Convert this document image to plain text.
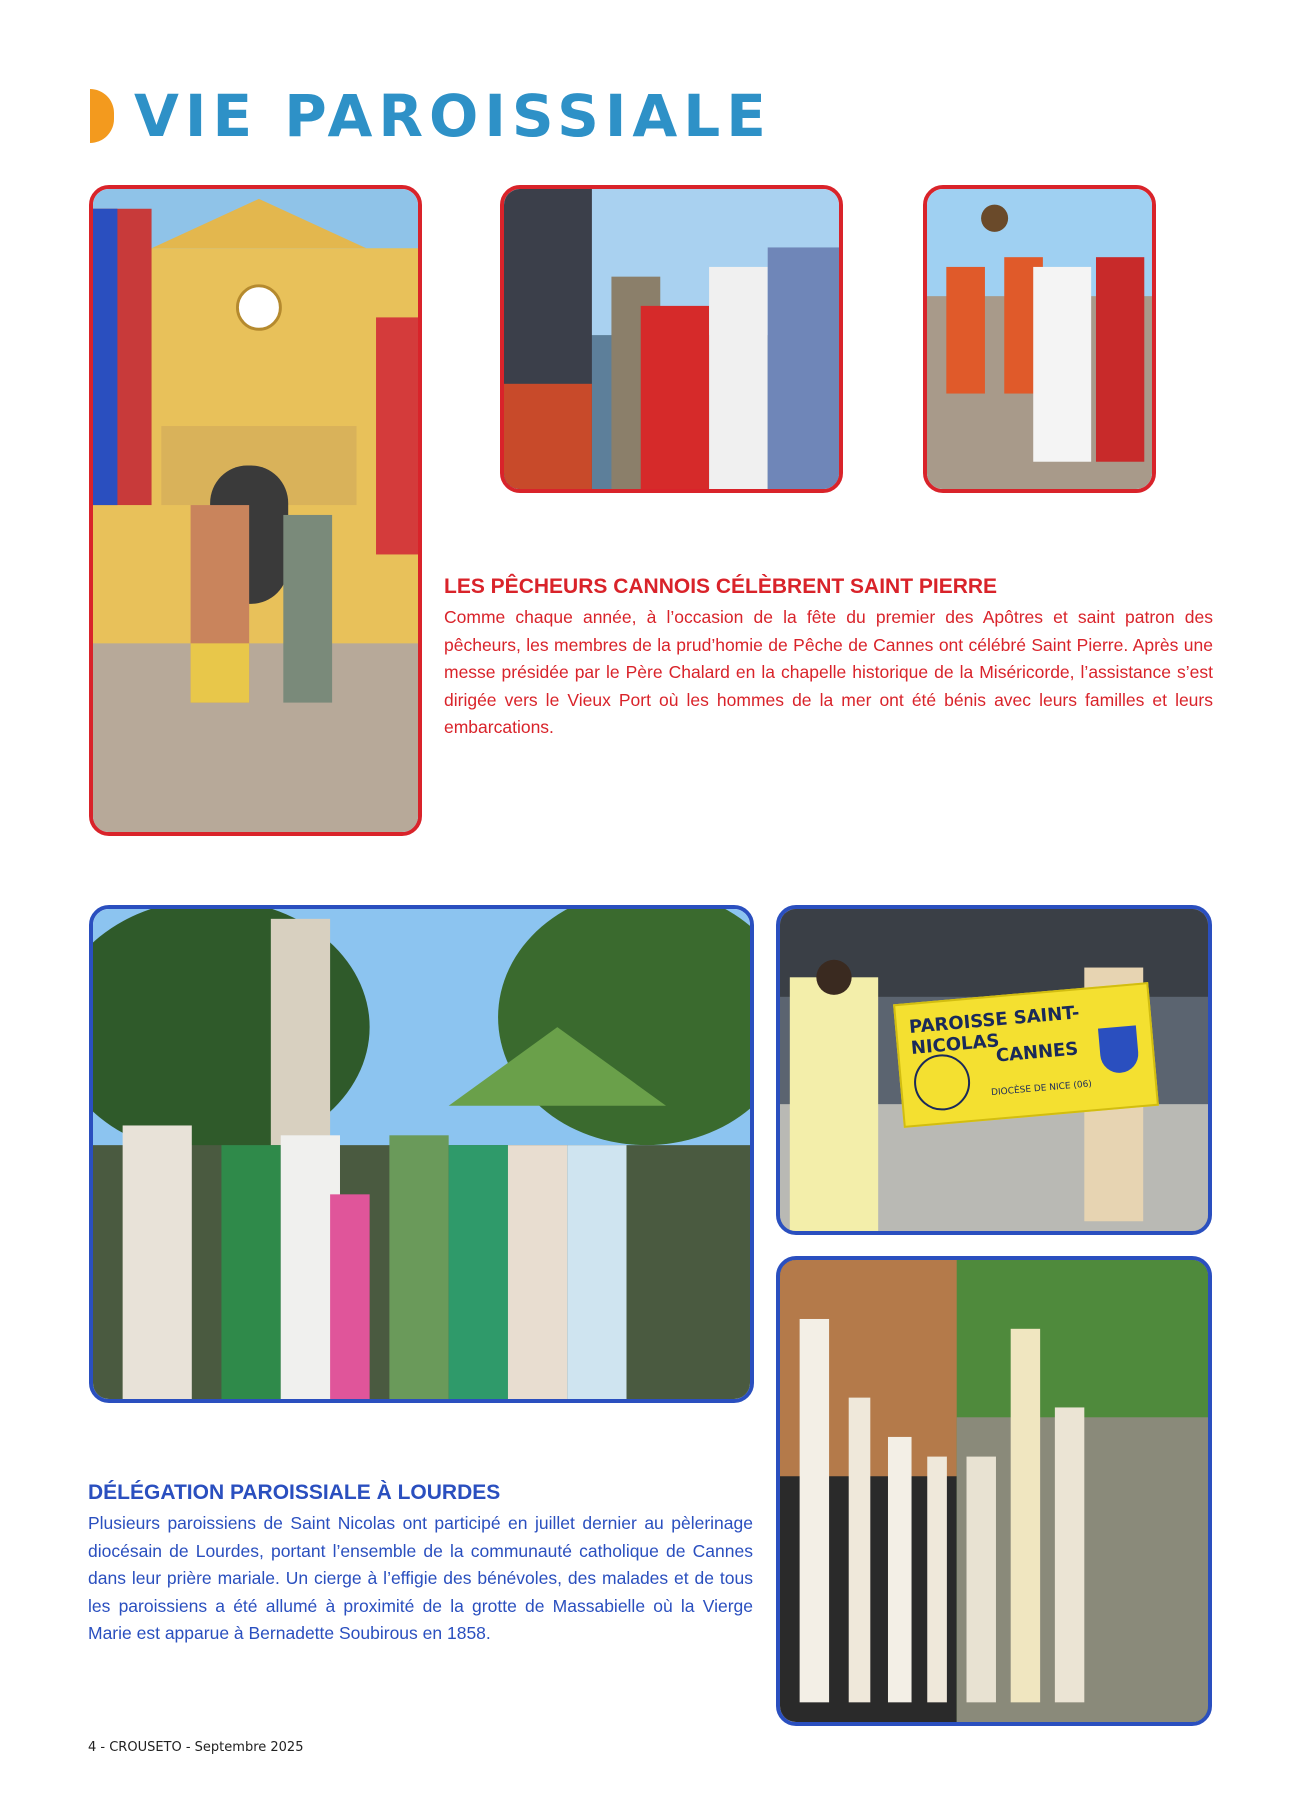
VIE PAROISSIALE
LES PÊCHEURS CANNOIS CÉLÈBRENT SAINT PIERRE
Comme chaque année, à l’occasion de la fête du premier des Apôtres et saint patron des pêcheurs, les membres de la prud’homie de Pêche de Cannes ont célébré Saint Pierre. Après une messe présidée par le Père Chalard en la chapelle historique de la Miséricorde, l’assistance s’est dirigée vers le Vieux Port où les hommes de la mer ont été bénis avec leurs familles et leurs embarcations.
PAROISSE SAINT-NICOLAS
CANNES
DIOCÈSE DE NICE (06)
DÉLÉGATION PAROISSIALE À LOURDES
Plusieurs paroissiens de Saint Nicolas ont participé en juillet dernier au pèlerinage diocésain de Lourdes, portant l’ensemble de la communauté catholique de Cannes dans leur prière mariale. Un cierge à l’effigie des bénévoles, des malades et de tous les paroissiens a été allumé à proximité de la grotte de Massabielle où la Vierge Marie est apparue à Bernadette Soubirous en 1858.
4 - CROUSETO - Septembre 2025
